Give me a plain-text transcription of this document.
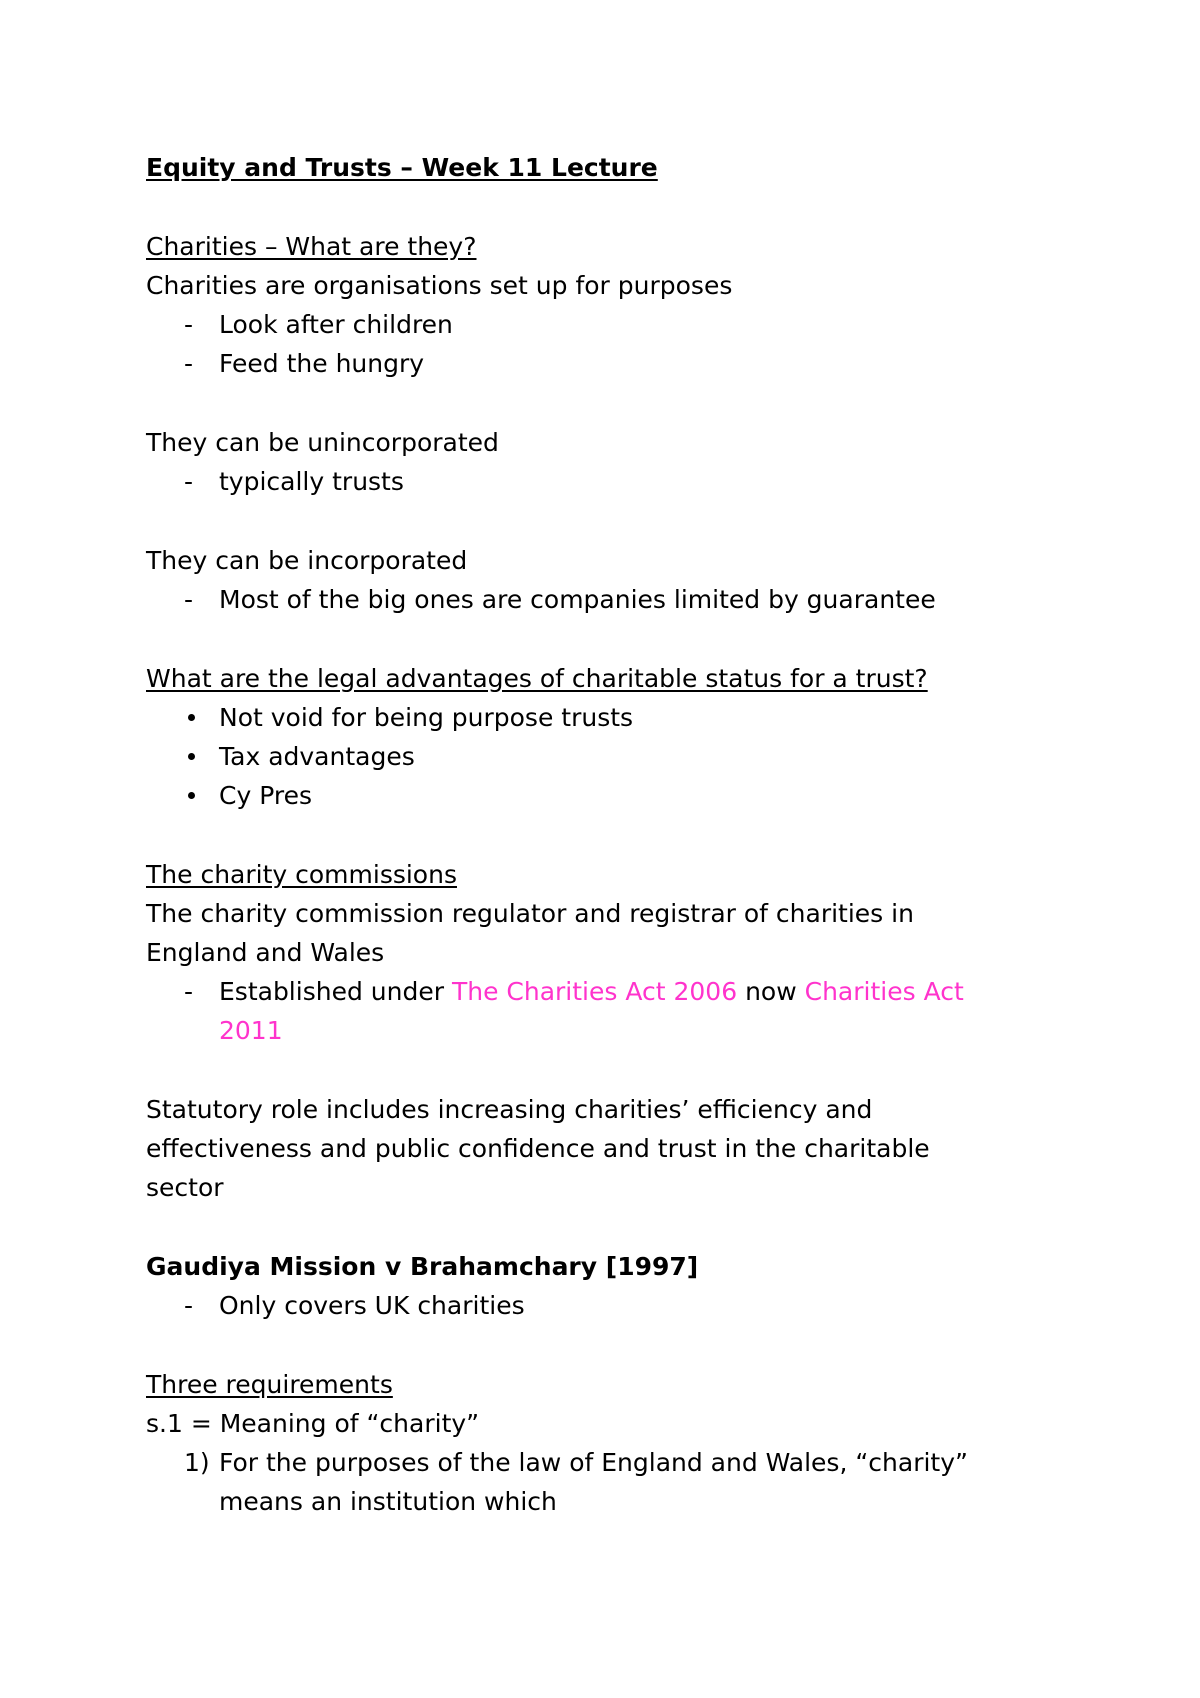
Equity and Trusts – Week 11 Lecture
Charities – What are they?
Charities are organisations set up for purposes
-	Look after children
-	Feed the hungry
They can be unincorporated
-	typically trusts
They can be incorporated
-	Most of the big ones are companies limited by guarantee
What are the legal advantages of charitable status for a trust?
Not void for being purpose trusts
Tax advantages
Cy Pres
The charity commissions
The charity commission regulator and registrar of charities in
England and Wales
-	Established under The Charities Act 2006 now Charities Act
2011
Statutory role includes increasing charities’ efficiency and
effectiveness and public confidence and trust in the charitable
sector
Gaudiya Mission v Brahamchary [1997]
-	Only covers UK charities
Three requirements
s.1 = Meaning of “charity”
1) For the purposes of the law of England and Wales, “charity”
means an institution which
